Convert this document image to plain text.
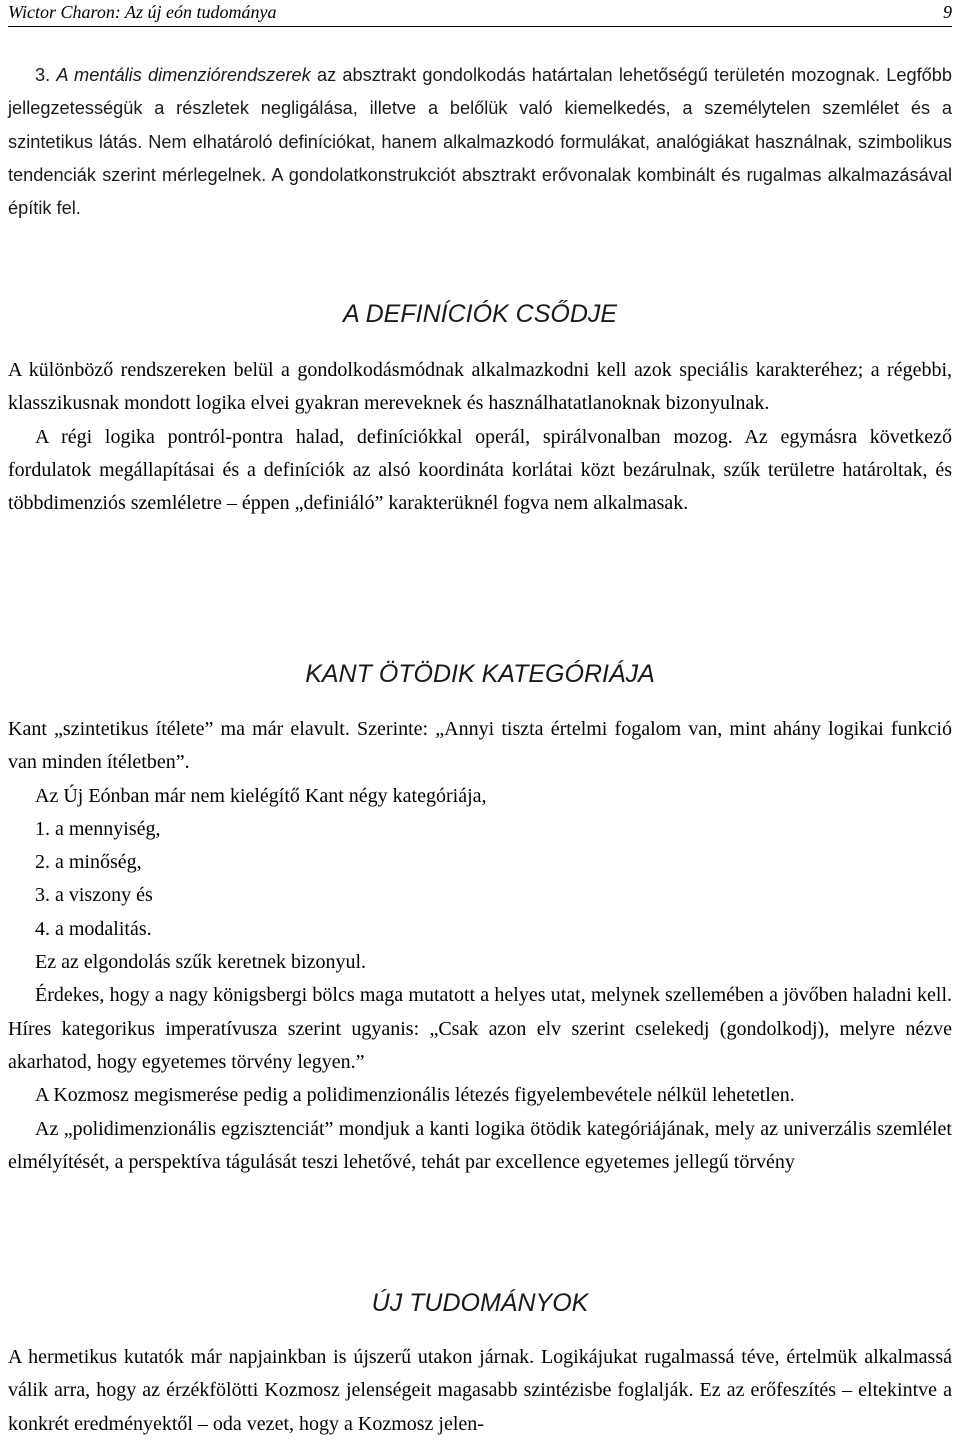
Wictor Charon: Az új eón tudománya	9

3. A mentális dimenziórendszerek az absztrakt gondolkodás határtalan lehetőségű területén mozognak. Legfőbb jellegzetességük a részletek negligálása, illetve a belőlük való kiemelkedés, a személytelen szemlélet és a szintetikus látás. Nem elhatároló definíciókat, hanem alkalmazkodó formulákat, analógiákat használnak, szimbolikus tendenciák szerint mérlegelnek. A gondolatkonstrukciót absztrakt erővonalak kombinált és rugalmas alkalmazásával építik fel.

A DEFINÍCIÓK CSŐDJE

A különböző rendszereken belül a gondolkodásmódnak alkalmazkodni kell azok speciális karakteréhez; a régebbi, klasszikusnak mondott logika elvei gyakran mereveknek és használhatatlanoknak bizonyulnak.

A régi logika pontról-pontra halad, definíciókkal operál, spirálvonalban mozog. Az egymásra következő fordulatok megállapításai és a definíciók az alsó koordináta korlátai közt bezárulnak, szűk területre határoltak, és többdimenziós szemléletre – éppen „definiáló” karakterüknél fogva nem alkalmasak.

KANT ÖTÖDIK KATEGÓRIÁJA

Kant „szintetikus ítélete” ma már elavult. Szerinte: „Annyi tiszta értelmi fogalom van, mint ahány logikai funkció van minden ítéletben”.

Az Új Eónban már nem kielégítő Kant négy kategóriája,

1. a mennyiség,

2. a minőség,

3. a viszony és

4. a modalitás.

Ez az elgondolás szűk keretnek bizonyul.

Érdekes, hogy a nagy königsbergi bölcs maga mutatott a helyes utat, melynek szellemében a jövőben haladni kell. Híres kategorikus imperatívusza szerint ugyanis: „Csak azon elv szerint cselekedj (gondolkodj), melyre nézve akarhatod, hogy egyetemes törvény legyen.”

A Kozmosz megismerése pedig a polidimenzionális létezés figyelembevétele nélkül lehetetlen.

Az „polidimenzionális egzisztenciát” mondjuk a kanti logika ötödik kategóriájának, mely az univerzális szemlélet elmélyítését, a perspektíva tágulását teszi lehetővé, tehát par excellence egyetemes jellegű törvény

ÚJ TUDOMÁNYOK

A hermetikus kutatók már napjainkban is újszerű utakon járnak. Logikájukat rugalmassá téve, értelmük alkalmassá válik arra, hogy az érzékfölötti Kozmosz jelenségeit magasabb szintézisbe foglalják. Ez az erőfeszítés – eltekintve a konkrét eredményektől – oda vezet, hogy a Kozmosz jelen-
